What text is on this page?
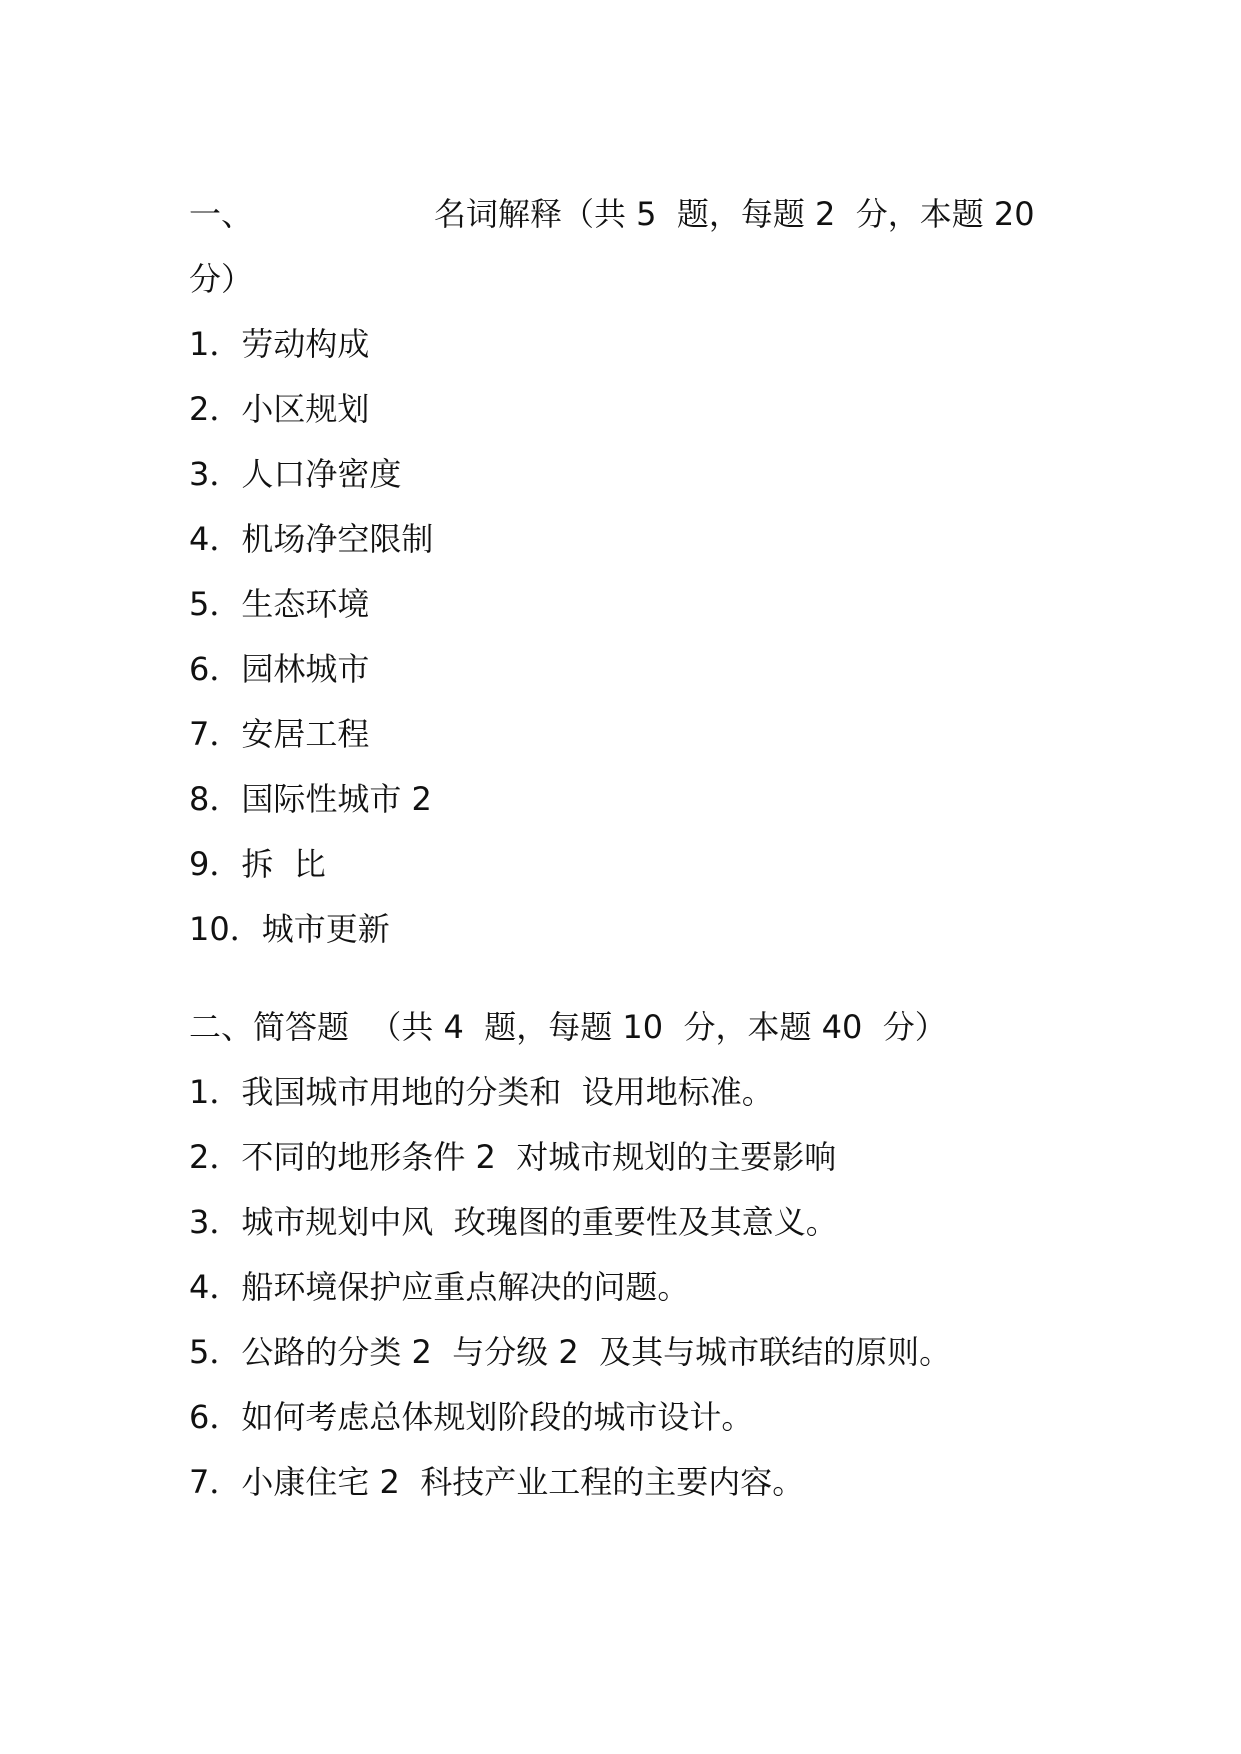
一、	名词解释（共 5  题，每题 2  分，本题 20
分）
1．劳动构成
2．小区规划
3．人口净密度
4．机场净空限制
5．生态环境
6．园林城市
7．安居工程
8．国际性城市 2
9．拆  比
10．城市更新
二、简答题  （共 4  题，每题 10  分，本题 40  分）
1．我国城市用地的分类和  设用地标准。
2．不同的地形条件 2  对城市规划的主要影响
3．城市规划中风  玫瑰图的重要性及其意义。
4．船环境保护应重点解决的问题。
5．公路的分类 2  与分级 2  及其与城市联结的原则。
6．如何考虑总体规划阶段的城市设计。
7．小康住宅 2  科技产业工程的主要内容。
